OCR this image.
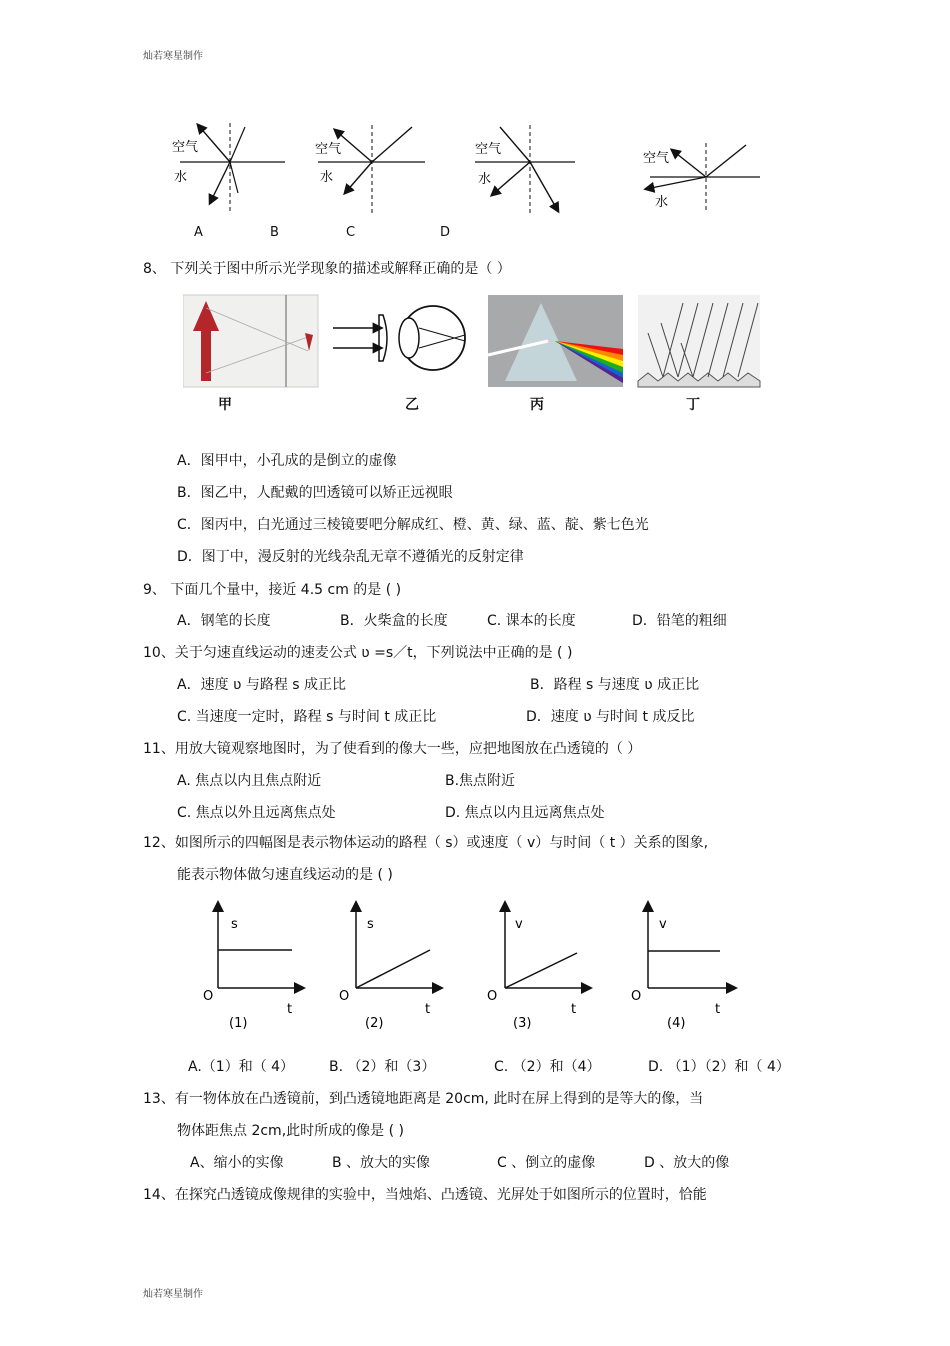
灿若寒星制作
灿若寒星制作
空气
水
空气
水
空气
水
空气
水
A	B	C	D
8、 下列关于图中所示光学现象的描述或解释正确的是（ ）
甲	乙	丙	丁
A．图甲中，小孔成的是倒立的虚像
B．图乙中，人配戴的凹透镜可以矫正远视眼
C．图丙中，白光通过三棱镜要吧分解成红、橙、黄、绿、蓝、靛、紫七色光
D．图丁中，漫反射的光线杂乱无章不遵循光的反射定律
9、 下面几个量中，接近 4.5 cm 的是 ( )
A．钢笔的长度	B．火柴盒的长度	C. 课本的长度	D．铅笔的粗细
10、关于匀速直线运动的速麦公式 ʋ =s／t，下列说法中正确的是 ( )
A．速度 ʋ 与路程 s 成正比	B．路程 s 与速度 ʋ 成正比
C. 当速度一定时，路程 s 与时间 t 成正比	D．速度 ʋ 与时间 t 成反比
11、用放大镜观察地图时，为了使看到的像大一些，应把地图放在凸透镜的（ ）
A. 焦点以内且焦点附近	B.焦点附近
C. 焦点以外且远离焦点处	D. 焦点以内且远离焦点处
12、如图所示的四幅图是表示物体运动的路程（ s）或速度（ v）与时间（ t ）关系的图象,
能表示物体做匀速直线运动的是 ( )
s
O
t
(1)
s
O
t
(2)
v
O
t
(3)
v
O
t
(4)
A.（1）和（ 4） B. （2）和（3）	C. （2）和（4）	D. （1）（2）和（ 4）
13、有一物体放在凸透镜前，到凸透镜地距离是 20cm, 此时在屏上得到的是等大的像，当
物体距焦点 2cm,此时所成的像是 ( )
A、缩小的实像	B 、放大的实像	C 、倒立的虚像	D 、放大的像
14、在探究凸透镜成像规律的实验中，当烛焰、凸透镜、光屏处于如图所示的位置时，恰能
